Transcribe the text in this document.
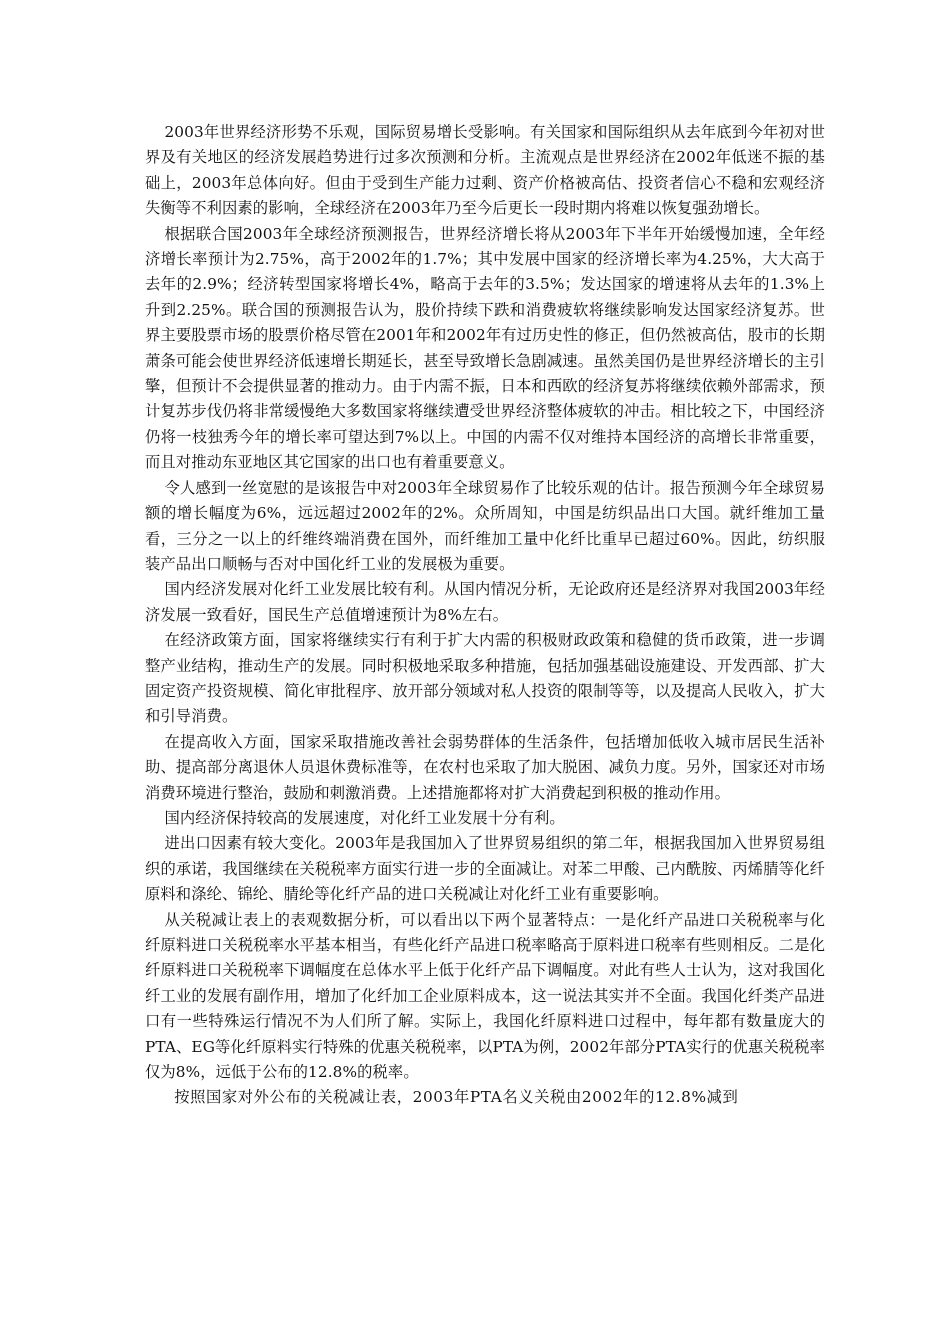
2003年世界经济形势不乐观，国际贸易增长受影响。有关国家和国际组织从去年底到今年初对世界及有关地区的经济发展趋势进行过多次预测和分析。主流观点是世界经济在2002年低迷不振的基础上，2003年总体向好。但由于受到生产能力过剩、资产价格被高估、投资者信心不稳和宏观经济失衡等不利因素的影响，全球经济在2003年乃至今后更长一段时期内将难以恢复强劲增长。

根据联合国2003年全球经济预测报告，世界经济增长将从2003年下半年开始缓慢加速，全年经济增长率预计为2.75%，高于2002年的1.7%；其中发展中国家的经济增长率为4.25%，大大高于去年的2.9%；经济转型国家将增长4%，略高于去年的3.5%；发达国家的增速将从去年的1.3%上升到2.25%。联合国的预测报告认为，股价持续下跌和消费疲软将继续影响发达国家经济复苏。世界主要股票市场的股票价格尽管在2001年和2002年有过历史性的修正，但仍然被高估，股市的长期萧条可能会使世界经济低速增长期延长，甚至导致增长急剧减速。虽然美国仍是世界经济增长的主引擎，但预计不会提供显著的推动力。由于内需不振，日本和西欧的经济复苏将继续依赖外部需求，预计复苏步伐仍将非常缓慢绝大多数国家将继续遭受世界经济整体疲软的冲击。相比较之下，中国经济仍将一枝独秀今年的增长率可望达到7%以上。中国的内需不仅对维持本国经济的高增长非常重要，而且对推动东亚地区其它国家的出口也有着重要意义。

令人感到一丝宽慰的是该报告中对2003年全球贸易作了比较乐观的估计。报告预测今年全球贸易额的增长幅度为6%，远远超过2002年的2%。众所周知，中国是纺织品出口大国。就纤维加工量看，三分之一以上的纤维终端消费在国外，而纤维加工量中化纤比重早已超过60%。因此，纺织服装产品出口顺畅与否对中国化纤工业的发展极为重要。

国内经济发展对化纤工业发展比较有利。从国内情况分析，无论政府还是经济界对我国2003年经济发展一致看好，国民生产总值增速预计为8%左右。

在经济政策方面，国家将继续实行有利于扩大内需的积极财政政策和稳健的货币政策，进一步调整产业结构，推动生产的发展。同时积极地采取多种措施，包括加强基础设施建设、开发西部、扩大固定资产投资规模、简化审批程序、放开部分领域对私人投资的限制等等，以及提高人民收入，扩大和引导消费。

在提高收入方面，国家采取措施改善社会弱势群体的生活条件，包括增加低收入城市居民生活补助、提高部分离退休人员退休费标准等，在农村也采取了加大脱困、减负力度。另外，国家还对市场消费环境进行整治，鼓励和刺激消费。上述措施都将对扩大消费起到积极的推动作用。

国内经济保持较高的发展速度，对化纤工业发展十分有利。

进出口因素有较大变化。2003年是我国加入了世界贸易组织的第二年，根据我国加入世界贸易组织的承诺，我国继续在关税税率方面实行进一步的全面减让。对苯二甲酸、己内酰胺、丙烯腈等化纤原料和涤纶、锦纶、腈纶等化纤产品的进口关税减让对化纤工业有重要影响。

从关税减让表上的表观数据分析，可以看出以下两个显著特点：一是化纤产品进口关税税率与化纤原料进口关税税率水平基本相当，有些化纤产品进口税率略高于原料进口税率有些则相反。二是化纤原料进口关税税率下调幅度在总体水平上低于化纤产品下调幅度。对此有些人士认为，这对我国化纤工业的发展有副作用，增加了化纤加工企业原料成本，这一说法其实并不全面。我国化纤类产品进口有一些特殊运行情况不为人们所了解。实际上，我国化纤原料进口过程中，每年都有数量庞大的PTA、EG等化纤原料实行特殊的优惠关税税率，以PTA为例，2002年部分PTA实行的优惠关税税率仅为8%，远低于公布的12.8%的税率。

按照国家对外公布的关税减让表，2003年PTA名义关税由2002年的12.8%减到
